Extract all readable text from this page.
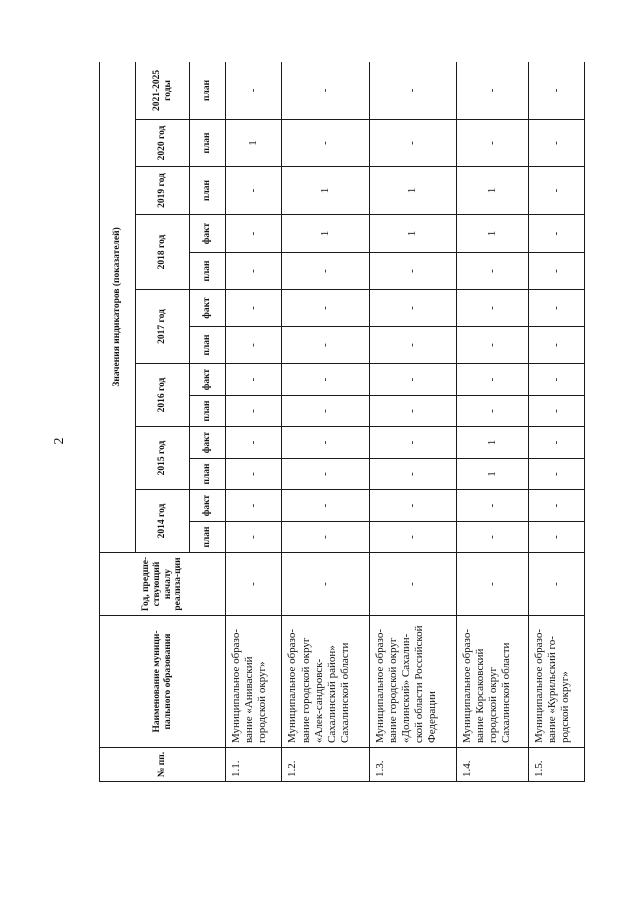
2
№ пп.	Наименование муници-пального образования	Год, предше-ствующий началу реализа-ции	Значения индикаторов (показателей)													
			2014 год		2015 год		2016 год		2017 год		2018 год		2019 год	2020 год	2021-2025 годы	
			план	факт	план	факт	план	факт	план	факт	план	факт	план	план	план	
1.1.	Муниципальное образо-вание «Аниваский городской округ»	-	-	-	-	-	-	-	-	-	-	-	-	1	-	
1.2.	Муниципальное образо-вание городской округ «Алек-сандровск-Сахалинский район» Сахалинской области	-	-	-	-	-	-	-	-	-	-	1	1	-	-	
1.3.	Муниципальное образо-вание городской округ «Долинский» Сахалин-ской области Российской Федерации	-	-	-	-	-	-	-	-	-	-	1	1	-	-	
1.4.	Муниципальное образо-вание Корсаковский городской округ Сахалинской области	-	-	-	1	1	-	-	-	-	-	1	1	-	-	
1.5.	Муниципальное образо-вание «Курильский го-родской округ»	-	-	-	-	-	-	-	-	-	-	-	-	-	-	
